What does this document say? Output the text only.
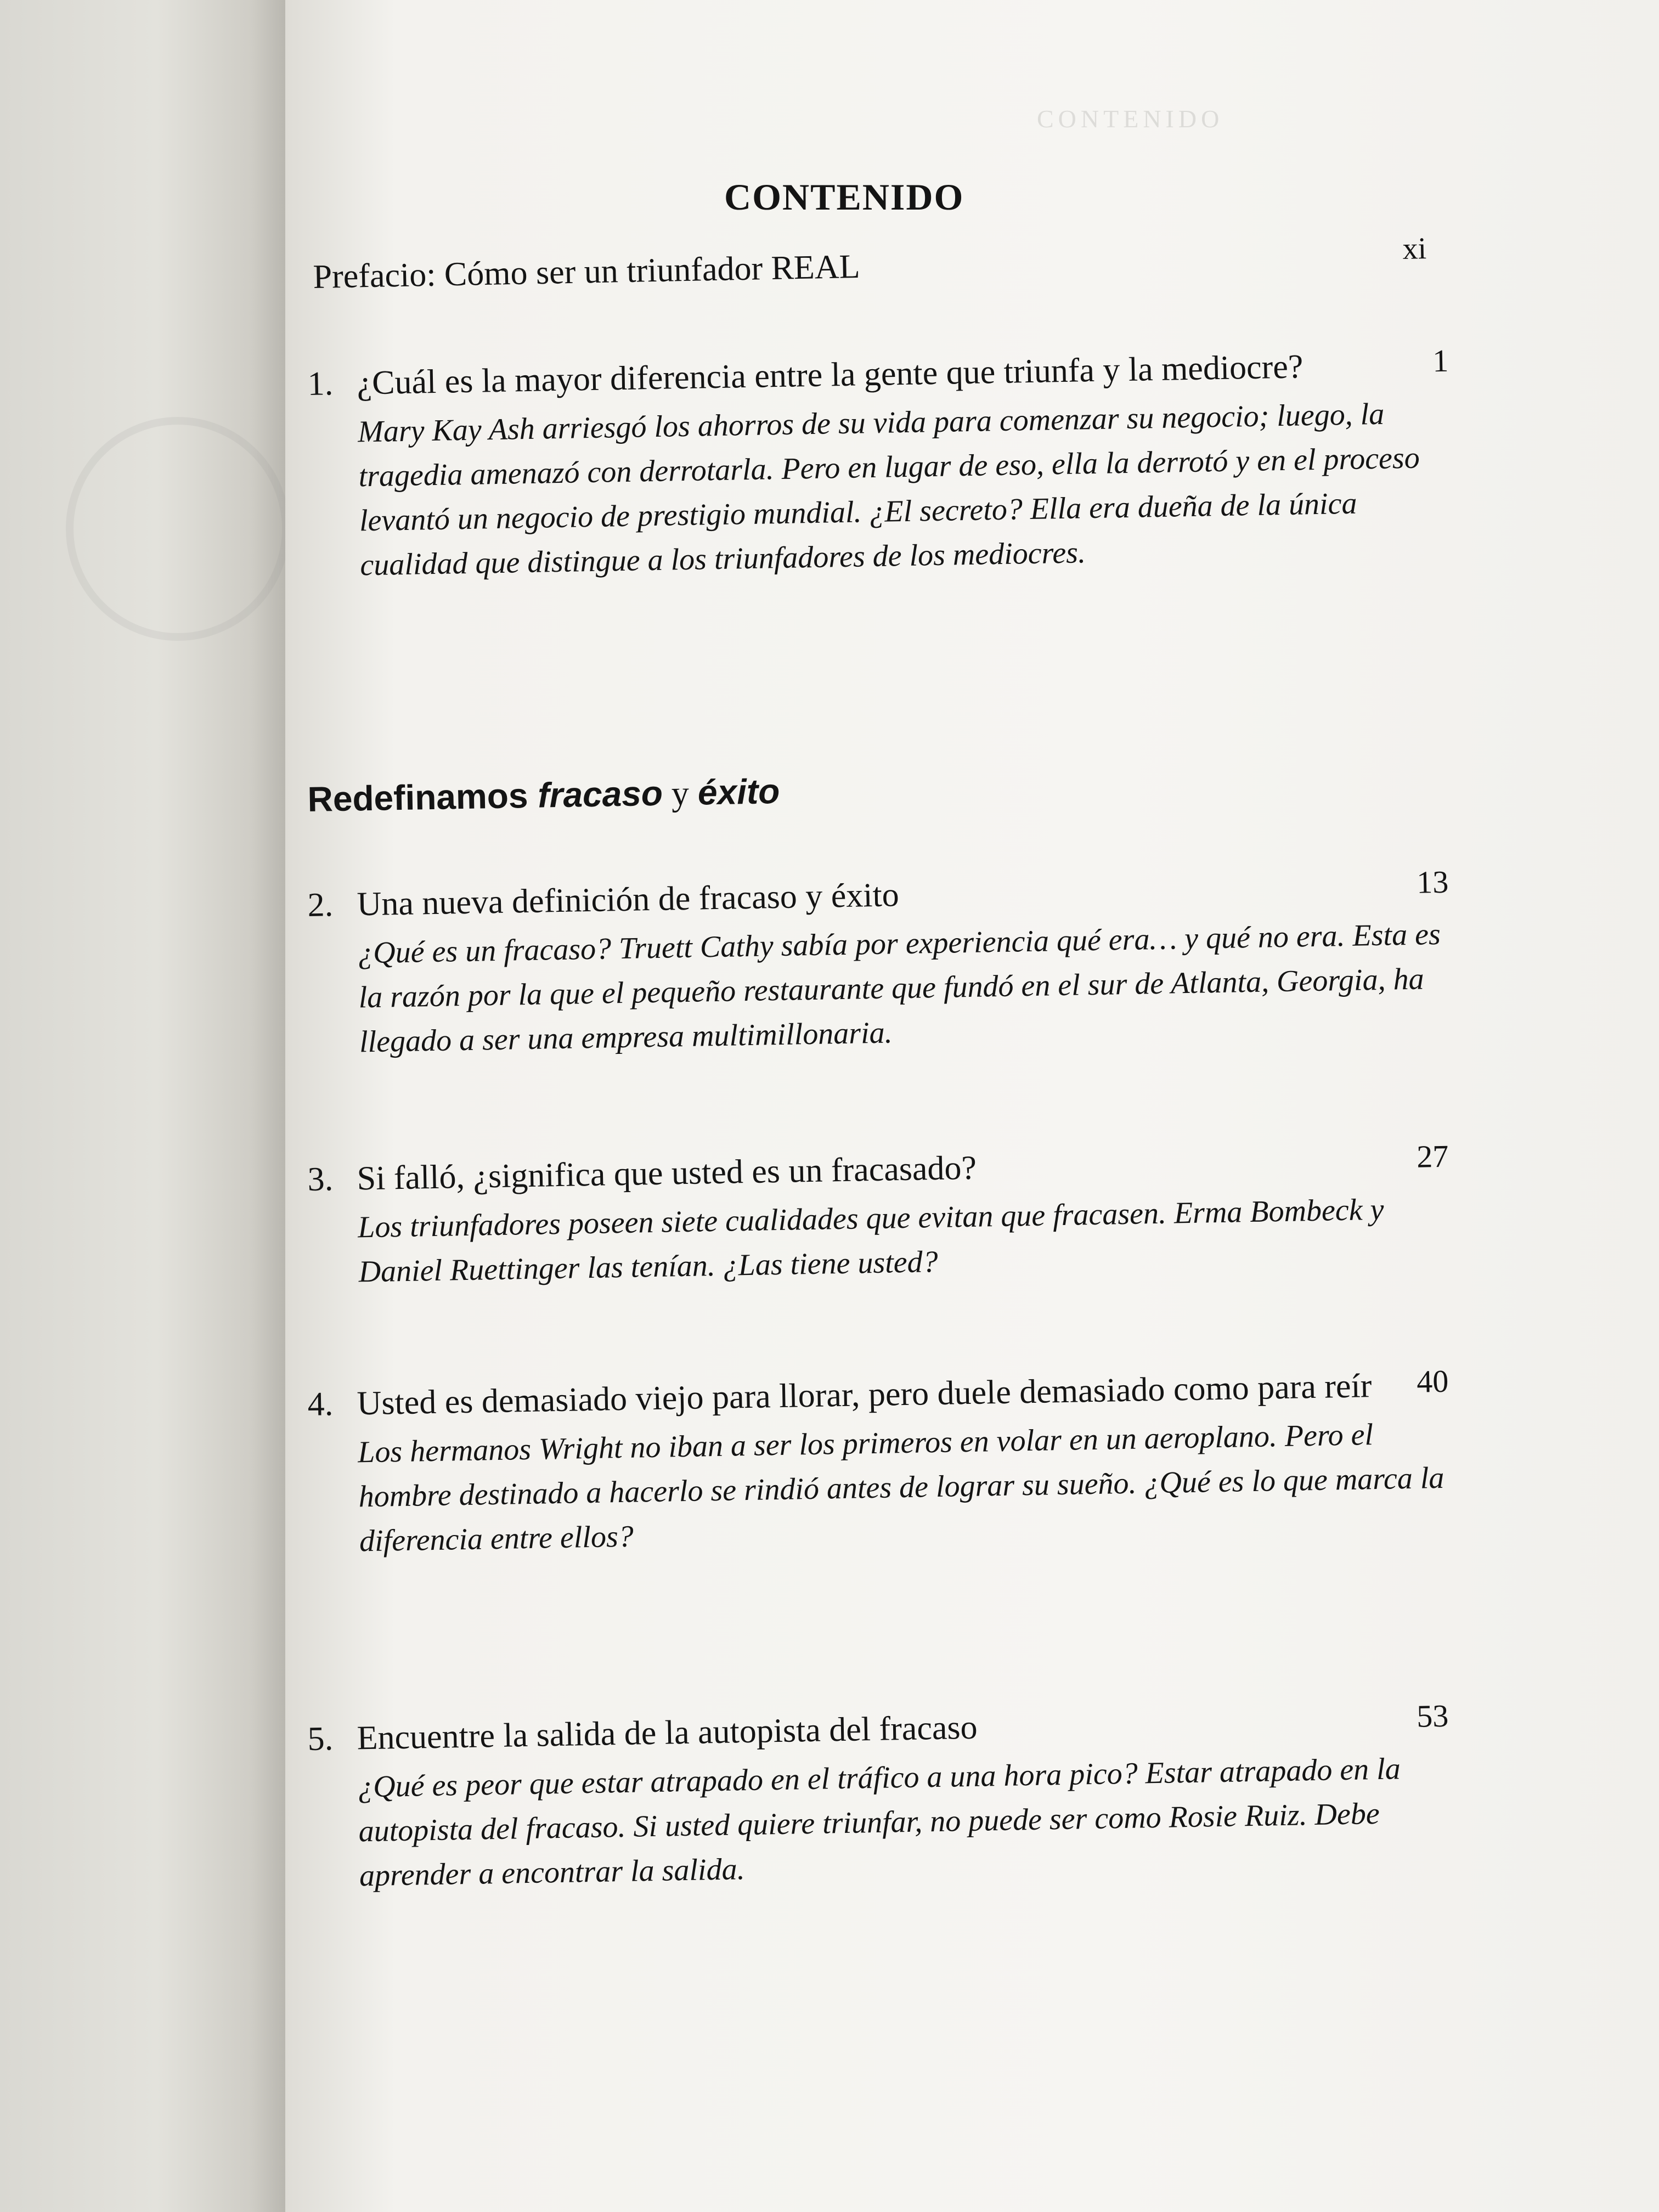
CONTENIDO
CONTENIDO
Prefacio: Cómo ser un triunfador REAL	xi
1. ¿Cuál es la mayor diferencia entre la gente que triunfa y la mediocre?	1
Mary Kay Ash arriesgó los ahorros de su vida para comenzar su negocio; luego, la tragedia amenazó con derrotarla. Pero en lugar de eso, ella la derrotó y en el proceso levantó un negocio de prestigio mundial. ¿El secreto? Ella era dueña de la única cualidad que distingue a los triunfadores de los mediocres.
Redefinamos fracaso y éxito
2. Una nueva definición de fracaso y éxito	13
¿Qué es un fracaso? Truett Cathy sabía por experiencia qué era… y qué no era. Esta es la razón por la que el pequeño restaurante que fundó en el sur de Atlanta, Georgia, ha llegado a ser una empresa multimillonaria.
3. Si falló, ¿significa que usted es un fracasado?	27
Los triunfadores poseen siete cualidades que evitan que fracasen. Erma Bombeck y Daniel Ruettinger las tenían. ¿Las tiene usted?
4. Usted es demasiado viejo para llorar, pero duele demasiado como para reír	40
Los hermanos Wright no iban a ser los primeros en volar en un aeroplano. Pero el hombre destinado a hacerlo se rindió antes de lograr su sueño. ¿Qué es lo que marca la diferencia entre ellos?
5. Encuentre la salida de la autopista del fracaso	53
¿Qué es peor que estar atrapado en el tráfico a una hora pico? Estar atrapado en la autopista del fracaso. Si usted quiere triunfar, no puede ser como Rosie Ruiz. Debe aprender a encontrar la salida.
